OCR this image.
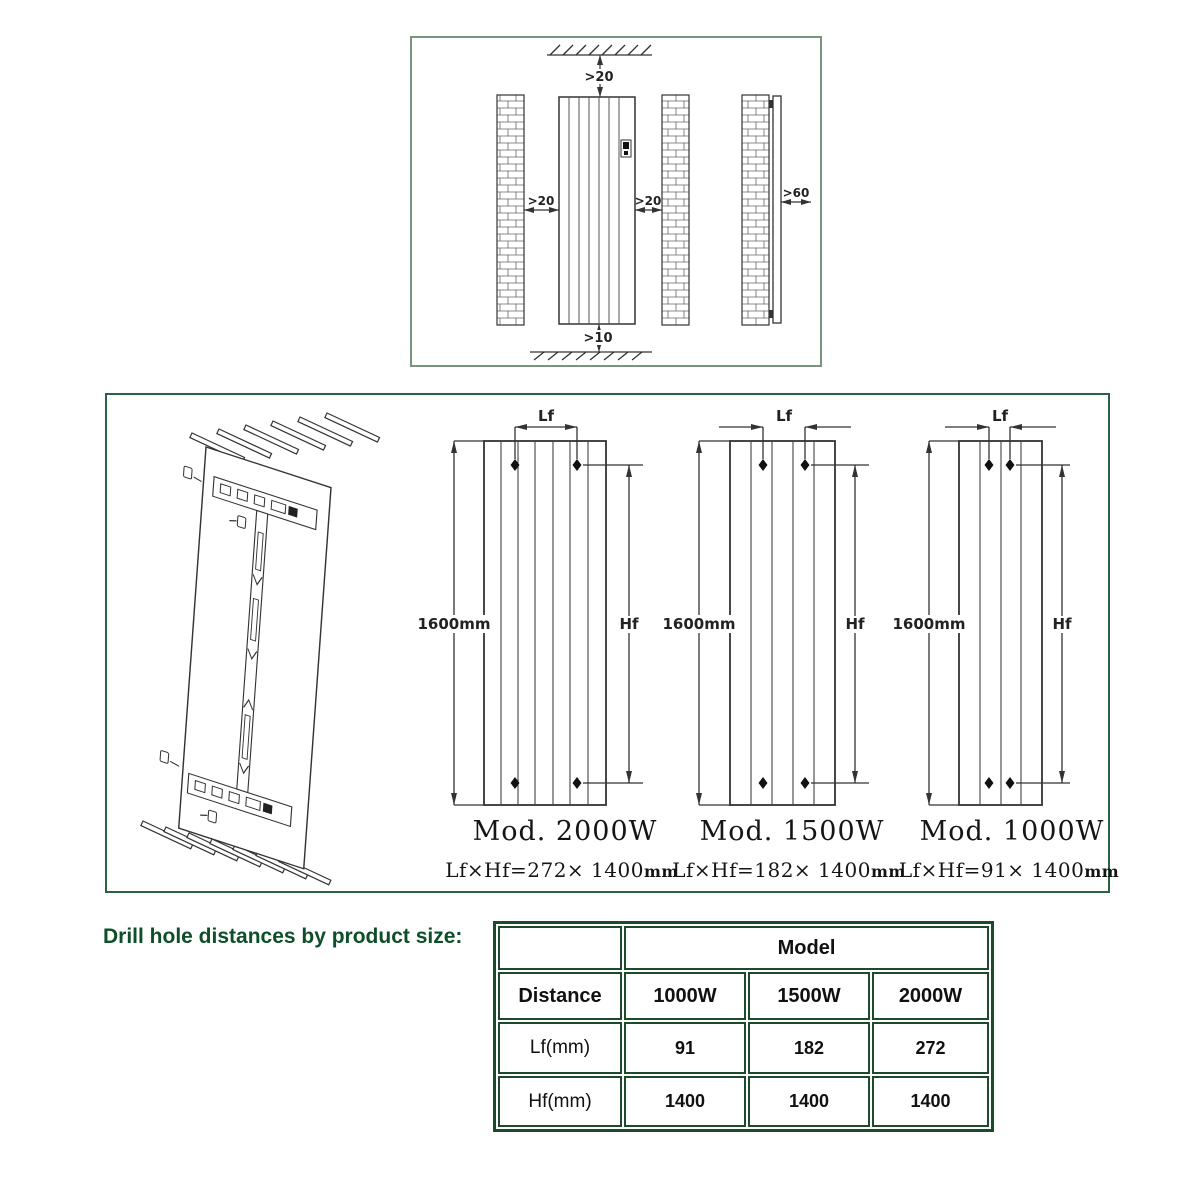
>20
>20	>20
>60
>10
Lf
1600mm	Hf
Lf
1600mm	Hf
Lf
1600mm	Hf
Mod. 2000W
Lf×Hf=272× 1400mm
Mod. 1500W
Lf×Hf=182× 1400mm
Mod. 1000W
Lf×Hf=91× 1400mm
Drill hole distances by product size:
		Model		
Distance	1000W	1500W	2000W
Lf(mm)	91	182	272
Hf(mm)	1400	1400	1400
